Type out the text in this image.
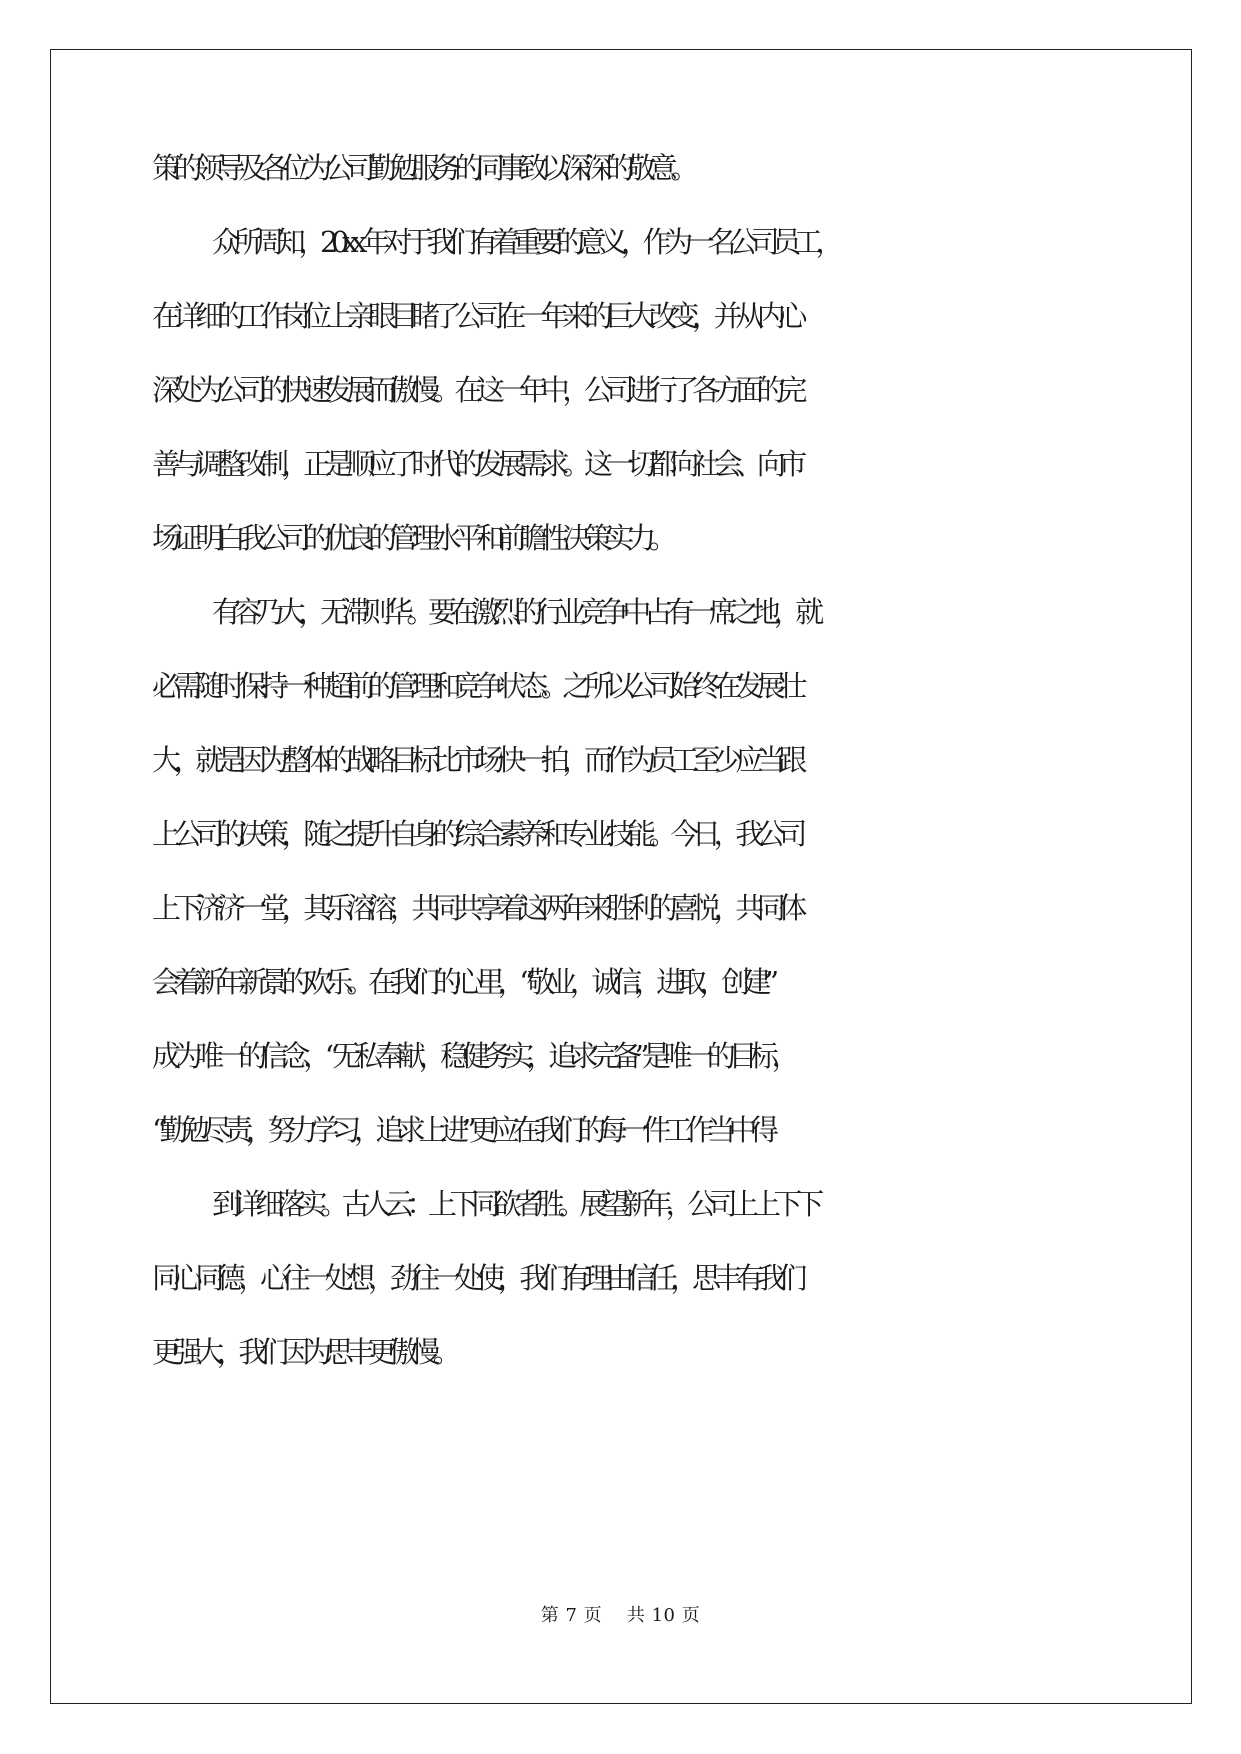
策的领导及各位为公司勤勉服务的同事致以深深的敬意。
众所周知，20xx 年对于我们有着重要的意义，作为一名公司员工，
在详细的工作岗位上亲眼目睹了公司在一年来的巨大改变，并从内心
深处为公司的快速发展而傲慢。在这一年中，公司进行了各方面的完
善与调整改制，正是顺应了时代的发展需求。这一切都向社会、向市
场证明白我公司的优良的管理水平和前瞻性决策实力。
有容乃大，无滞则华。要在激烈的行业竞争中占有一席之地，就
必需随时保持一种超前的管理和竞争状态。之所以公司始终在发展壮
大，就是因为整体的战略目标比市场快一拍，而作为员工至少应当跟
上公司的决策，随之提升自身的综合素养和专业技能。今日，我公司
上下济济一堂，其乐溶溶，共同共享着这两年来胜利的喜悦，共同体
会着新年新景的欢乐。在我们的心里，“敬业，诚信，进取，创建”
成为唯一的信念，“无私奉献，稳健务实，追求完备”是唯一的目标，
“勤勉尽责，努力学习，追求上进”更应在我们的每一件工作当中得
到详细落实。古人云：上下同欲者胜。展望新年，公司上上下下
同心同德，心往一处想，劲往一处使，我们有理由信任，思丰有我们
更强大，我们因为思丰更傲慢。
第 7 页　 共 10 页
